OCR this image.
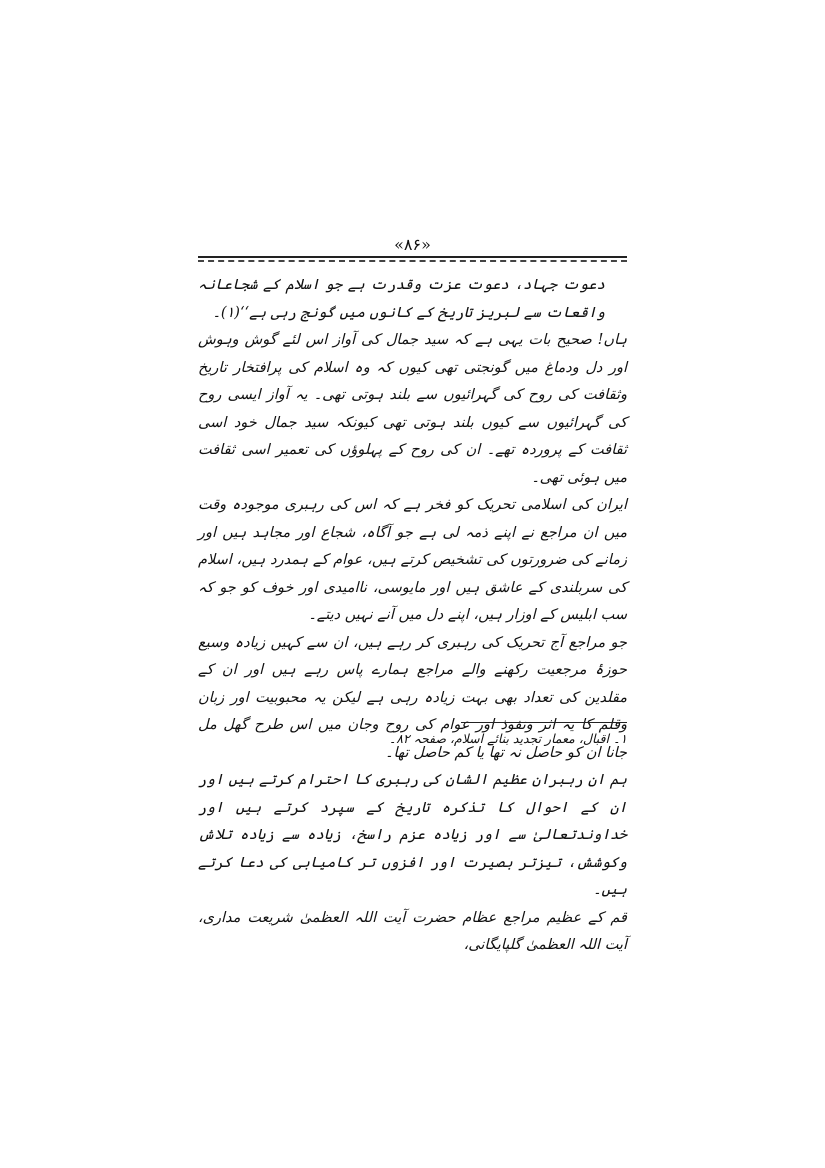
«۸۶»

دعوت جہاد، دعوت عزت وقدرت ہے جو اسلام کے شجاعانہ واقعات سے لبریز تاریخ کے کانوں میں گونج رہی ہے‘‘(۱)۔

ہاں! صحیح بات یہی ہے کہ سید جمال کی آواز اس لئے گوش وہوش اور دل ودماغ میں گونجتی تھی کیوں کہ وہ اسلام کی پرافتخار تاریخ وثقافت کی روح کی گہرائیوں سے بلند ہوتی تھی۔ یہ آواز ایسی روح کی گہرائیوں سے کیوں بلند ہوتی تھی کیونکہ سید جمال خود اسی ثقافت کے پروردہ تھے۔ ان کی روح کے پہلوؤں کی تعمیر اسی ثقافت میں ہوئی تھی۔

ایران کی اسلامی تحریک کو فخر ہے کہ اس کی رہبری موجودہ وقت میں ان مراجع نے اپنے ذمہ لی ہے جو آگاہ، شجاع اور مجاہد ہیں اور زمانے کی ضرورتوں کی تشخیص کرتے ہیں، عوام کے ہمدرد ہیں، اسلام کی سربلندی کے عاشق ہیں اور مایوسی، ناامیدی اور خوف کو جو کہ سب ابلیس کے اوزار ہیں، اپنے دل میں آنے نہیں دیتے۔

جو مراجع آج تحریک کی رہبری کر رہے ہیں، ان سے کہیں زیادہ وسیع حوزۂ مرجعیت رکھنے والے مراجع ہمارے پاس رہے ہیں اور ان کے مقلدین کی تعداد بھی بہت زیادہ رہی ہے لیکن یہ محبوبیت اور زبان وقلم کا یہ اثر ونفوذ اور عوام کی روح وجان میں اس طرح گھل مل جانا ان کو حاصل نہ تھا یا کم حاصل تھا۔

ہم ان رہبران عظیم الشان کی رہبری کا احترام کرتے ہیں اور ان کے احوال کا تذکرہ تاریخ کے سپرد کرتے ہیں اور خداوندتعالیٰ سے اور زیادہ عزم راسخ، زیادہ سے زیادہ تلاش وکوشش، تیزتر بصیرت اور افزوں تر کامیابی کی دعا کرتے ہیں۔

قم کے عظیم مراجع عظام حضرت آیت اللہ العظمیٰ شریعت مداری، آیت اللہ العظمیٰ گلپایگانی،

۱۔ اقبال، معمار تجدید بنائے اسلام، صفحہ ۸۲۔
